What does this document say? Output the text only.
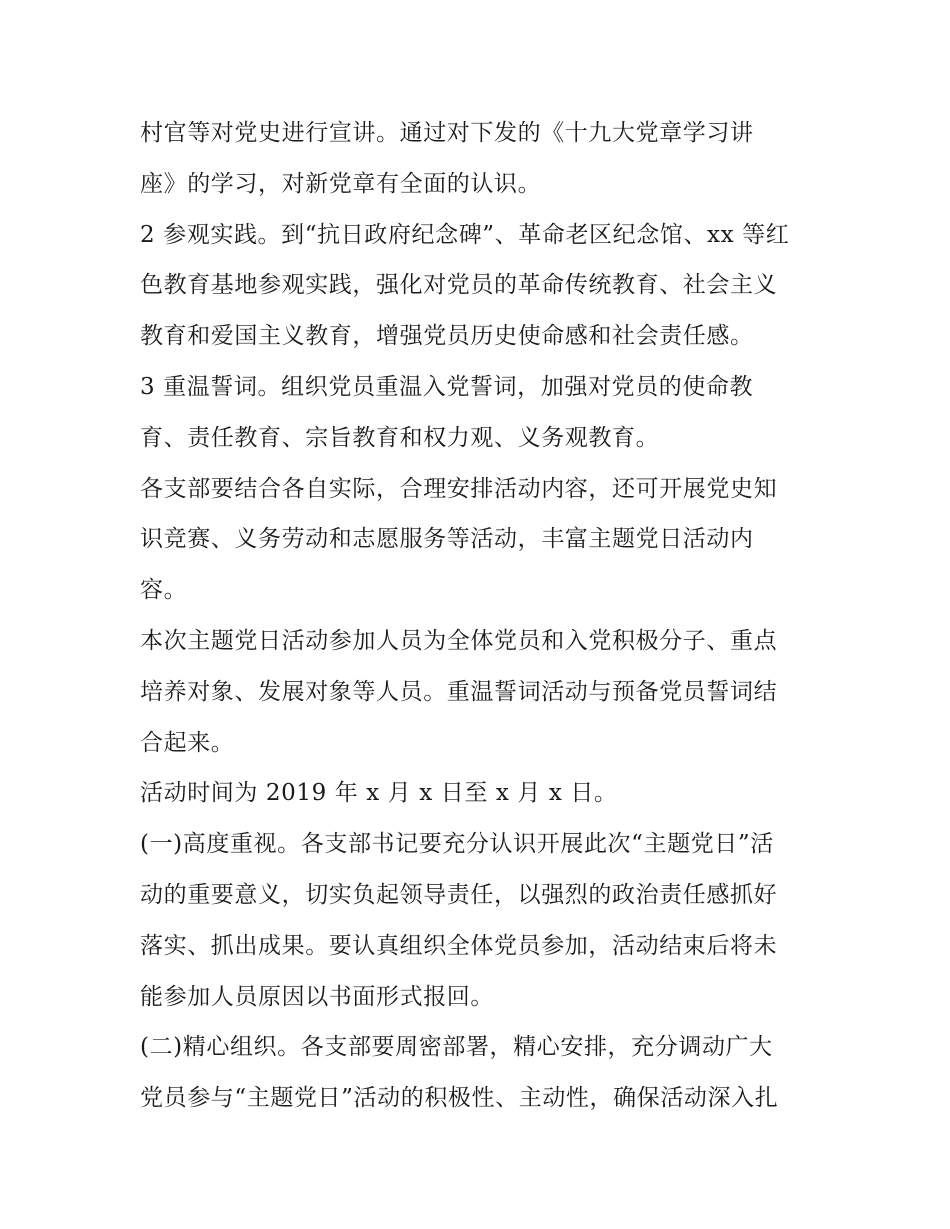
村官等对党史进行宣讲。通过对下发的《十九大党章学习讲
座》的学习，对新党章有全面的认识。
2 参观实践。到“抗日政府纪念碑”、革命老区纪念馆、xx 等红
色教育基地参观实践，强化对党员的革命传统教育、社会主义
教育和爱国主义教育，增强党员历史使命感和社会责任感。
3 重温誓词。组织党员重温入党誓词，加强对党员的使命教
育、责任教育、宗旨教育和权力观、义务观教育。
各支部要结合各自实际，合理安排活动内容，还可开展党史知
识竞赛、义务劳动和志愿服务等活动，丰富主题党日活动内
容。
本次主题党日活动参加人员为全体党员和入党积极分子、重点
培养对象、发展对象等人员。重温誓词活动与预备党员誓词结
合起来。
活动时间为 2019 年 x 月 x 日至 x 月 x 日。
(一)高度重视。各支部书记要充分认识开展此次“主题党日”活
动的重要意义，切实负起领导责任，以强烈的政治责任感抓好
落实、抓出成果。要认真组织全体党员参加，活动结束后将未
能参加人员原因以书面形式报回。
(二)精心组织。各支部要周密部署，精心安排，充分调动广大
党员参与“主题党日”活动的积极性、主动性，确保活动深入扎
